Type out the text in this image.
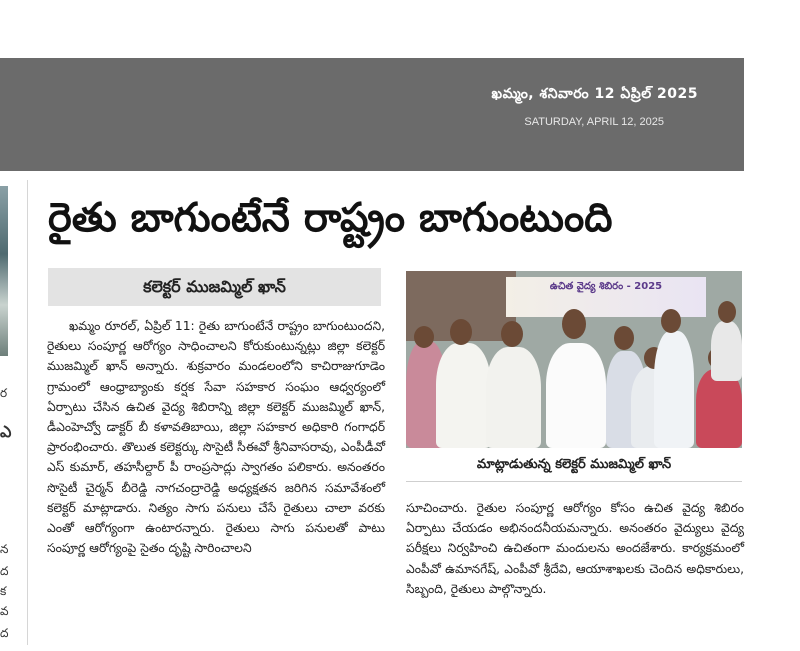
ఖమ్మం, శనివారం 12 ఏప్రిల్ 2025
SATURDAY, APRIL 12, 2025
ర
ఎ
న
ద
క
వ
ద
రైతు బాగుంటేనే రాష్ట్రం బాగుంటుంది
కలెక్టర్ ముజమ్మిల్ ఖాన్

ఖమ్మం రూరల్, ఏప్రిల్ 11: రైతు బాగుంటేనే రాష్ట్రం బాగుంటుందని, రైతులు సంపూర్ణ ఆరోగ్యం సాధించాలని కోరుకుంటున్నట్లు జిల్లా కలెక్టర్ ముజమ్మిల్ ఖాన్ అన్నారు. శుక్రవారం మండలంలోని కాచిరాజుగూడెం గ్రామంలో ఆంధ్రాబ్యాంకు కర్షక సేవా సహకార సంఘం ఆధ్వర్యంలో ఏర్పాటు చేసిన ఉచిత వైద్య శిబిరాన్ని జిల్లా కలెక్టర్ ముజమ్మిల్ ఖాన్, డీఎంహెచ్వో డాక్టర్ బీ కళావతిబాయి, జిల్లా సహకార అధికారి గంగాధర్ ప్రారంభించారు. తొలుత కలెక్టర్కు సొసైటీ సీఈవో శ్రీనివాసరావు, ఎంపీడీవో ఎస్ కుమార్, తహసీల్దార్ పీ రాంప్రసాద్లు స్వాగతం పలికారు. అనంతరం సొసైటీ చైర్మన్ బీరెడ్డి నాగచంద్రారెడ్డి అధ్యక్షతన జరిగిన సమావేశంలో కలెక్టర్ మాట్లాడారు. నిత్యం సాగు పనులు చేసే రైతులు చాలా వరకు ఎంతో ఆరోగ్యంగా ఉంటారన్నారు. రైతులు సాగు పనులతో పాటు సంపూర్ణ ఆరోగ్యంపై సైతం దృష్టి సారించాలని

ఉచిత వైద్య శిబిరం - 2025
మాట్లాడుతున్న కలెక్టర్ ముజమ్మిల్ ఖాన్

సూచించారు. రైతుల సంపూర్ణ ఆరోగ్యం కోసం ఉచిత వైద్య శిబిరం ఏర్పాటు చేయడం అభినందనీయమన్నారు. అనంతరం వైద్యులు వైద్య పరీక్షలు నిర్వహించి ఉచితంగా మందులను అందజేశారు. కార్యక్రమంలో ఎంపీవో ఉమానగేష్, ఎంపీవో శ్రీదేవి, ఆయాశాఖలకు చెందిన అధికారులు, సిబ్బంది, రైతులు పాల్గొన్నారు.
